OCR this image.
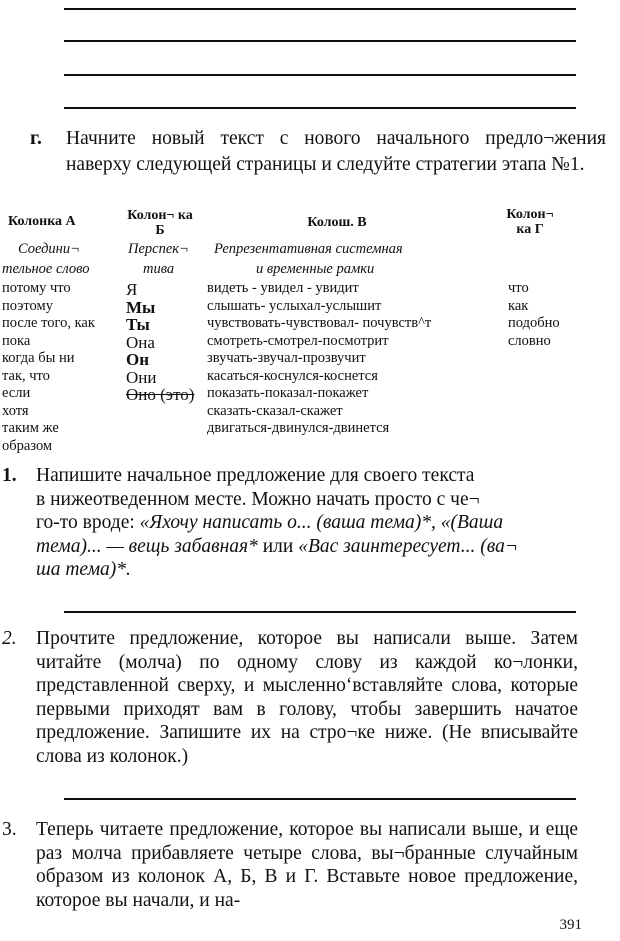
г. Начните новый текст с нового начального предло¬жения наверху следующей страницы и следуйте стратегии этапа №1.
Колонка А	Колон¬ ка Б
Колош. В
Колон¬ ка Г
Соедини¬
тельное слово
Перспек¬
тива
Репрезентативная системная
и временные рамки
потому что
поэтому
после того, как
пока
когда бы ни
так, что
если
хотя
таким же
образом
Я
Мы
Ты
Она
Он
Они
Оно (это)
видеть - увидел - увидит
слышать- услыхал-услышит
чувствовать-чувствовал- почувств^т
смотреть-смотрел-посмотрит
звучать-звучал-прозвучит
касаться-коснулся-коснется
показать-показал-покажет
сказать-сказал-скажет
двигаться-двинулся-двинется
что
как
подобно
словно
1. Напишите начальное предложение для своего текста
в нижеотведенном месте. Можно начать просто с че¬
го-то вроде: «Яхочу написать о... (ваша тема)*, «(Ваша
тема)... — вещь забавная* или «Вас заинтересует... (ва¬
ша тема)*.
2. Прочтите предложение, которое вы написали выше. Затем читайте (молча) по одному слову из каждой ко¬лонки, представленной сверху, и мысленно‘вставляйте слова, которые первыми приходят вам в голову, чтобы завершить начатое предложение. Запишите их на стро¬ке ниже. (Не вписывайте слова из колонок.)
3. Теперь читаете предложение, которое вы написали выше, и еще раз молча прибавляете четыре слова, вы¬бранные случайным образом из колонок А, Б, В и Г. Вставьте новое предложение, которое вы начали, и на-
391
